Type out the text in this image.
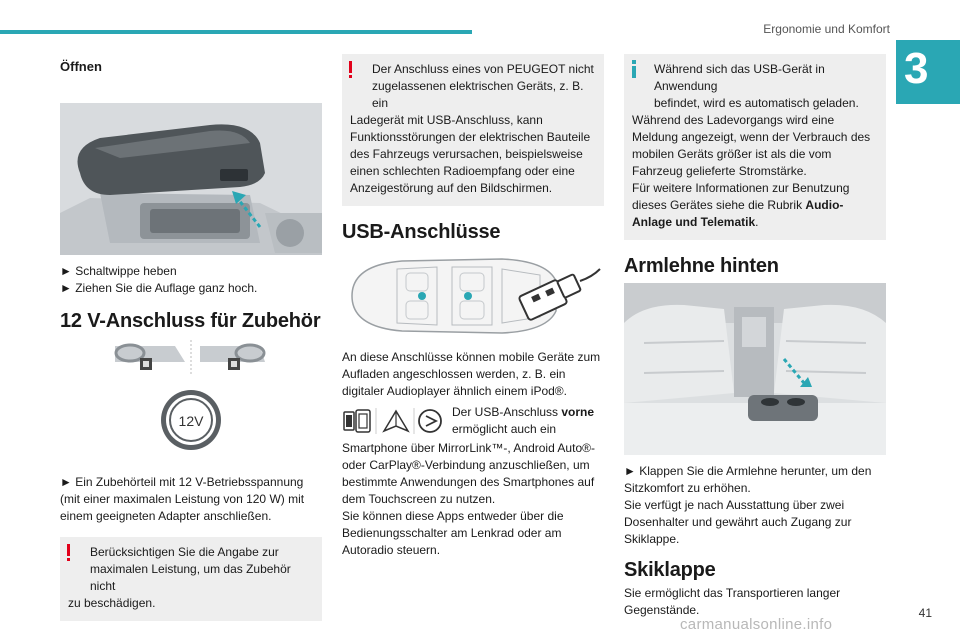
Ergonomie und Komfort
3
Öffnen

► Schaltwippe heben

► Ziehen Sie die Auflage ganz hoch.

12 V-Anschluss für Zubehör
12V

► Ein Zubehörteil mit 12 V-Betriebsspannung (mit einer maximalen Leistung von 120 W) mit einem geeigneten Adapter anschließen.

Berücksichtigen Sie die Angabe zur

maximalen Leistung, um das Zubehör nicht

zu beschädigen.

Der Anschluss eines von PEUGEOT nicht

zugelassenen elektrischen Geräts, z. B. ein

Ladegerät mit USB-Anschluss, kann Funktionsstörungen der elektrischen Bauteile des Fahrzeugs verursachen, beispielsweise einen schlechten Radioempfang oder eine Anzeigestörung auf den Bildschirmen.

USB-Anschlüsse

An diese Anschlüsse können mobile Geräte zum Aufladen angeschlossen werden, z. B. ein digitaler Audioplayer ähnlich einem iPod®.

Der USB-Anschluss vorne
ermöglicht auch ein

Smartphone über MirrorLink™-, Android Auto®- oder CarPlay®-Verbindung anzuschließen, um bestimmte Anwendungen des Smartphones auf dem Touchscreen zu nutzen.

Sie können diese Apps entweder über die Bedienungsschalter am Lenkrad oder am Autoradio steuern.

Während sich das USB-Gerät in Anwendung

befindet, wird es automatisch geladen.

Während des Ladevorgangs wird eine Meldung angezeigt, wenn der Verbrauch des mobilen Geräts größer ist als die vom Fahrzeug gelieferte Stromstärke.

Für weitere Informationen zur Benutzung dieses Gerätes siehe die Rubrik Audio-Anlage und Telematik.

Armlehne hinten

► Klappen Sie die Armlehne herunter, um den Sitzkomfort zu erhöhen.

Sie verfügt je nach Ausstattung über zwei Dosenhalter und gewährt auch Zugang zur Skiklappe.

Skiklappe

Sie ermöglicht das Transportieren langer Gegenstände.	41
carmanualsonline.info
